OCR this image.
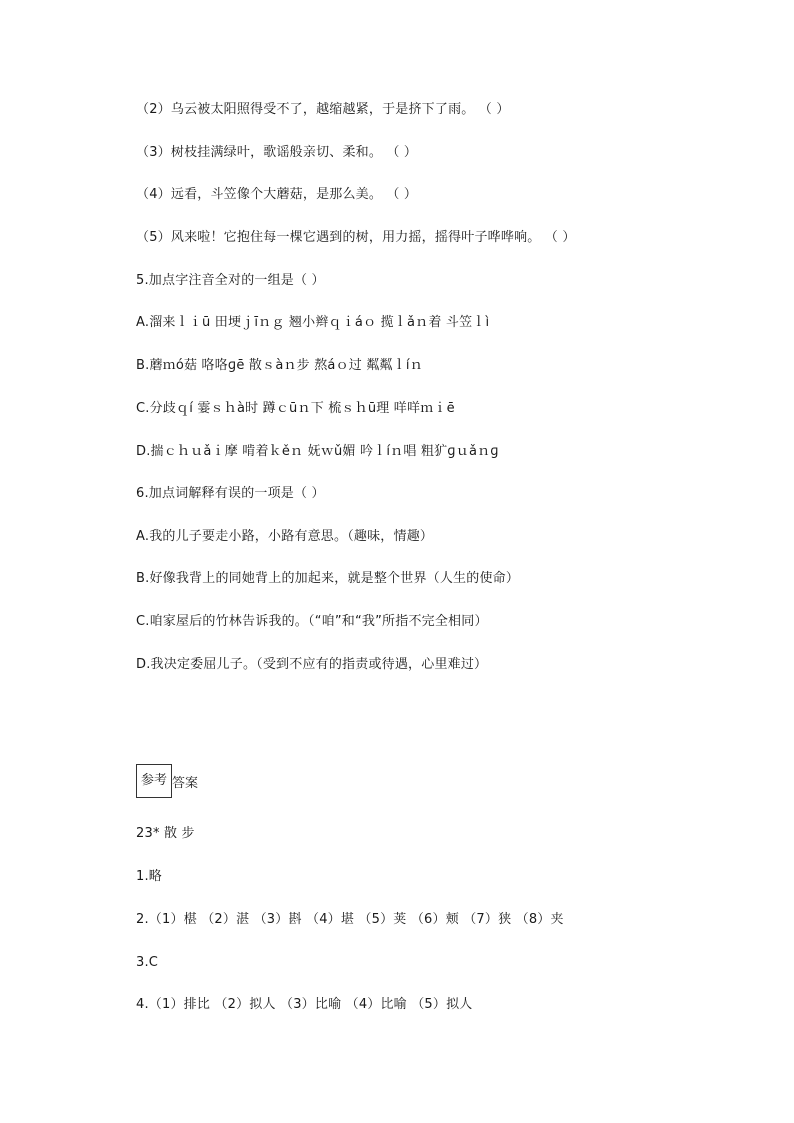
（2）乌云被太阳照得受不了，越缩越紧，于是挤下了雨。 （ ）
（3）树枝挂满绿叶，歌谣般亲切、柔和。 （ ）
（4）远看，斗笠像个大蘑菇，是那么美。 （ ）
（5）风来啦！它抱住每一棵它遇到的树，用力摇，摇得叶子哗哗响。 （ ）
5.加点字注音全对的一组是（ ）
A.溜来ｌｉū 田埂ｊīｎｇ 翘小辫ｑｉáｏ 揽ｌǎｎ着 斗笠ｌì
B.蘑ｍó菇 咯咯ɡē 散ｓàｎ步 熬áｏ过 粼粼ｌíｎ
C.分歧ｑí 霎ｓｈà时 蹲ｃūｎ下 梳ｓｈū理 咩咩ｍｉē
D.揣ｃｈｕǎｉ摩 啃着ｋěｎ 妩ｗǔ媚 吟ｌíｎ唱 粗犷ɡｕǎｎɡ
6.加点词解释有误的一项是（ ）
A.我的儿子要走小路，小路有意思。（趣味，情趣）
B.好像我背上的同她背上的加起来，就是整个世界（人生的使命）
C.咱家屋后的竹林告诉我的。（“咱”和“我”所指不完全相同）
D.我决定委屈儿子。（受到不应有的指责或待遇，心里难过）
参考 答案
23* 散 步
1.略
2.（1）椹 （2）湛 （3）斟 （4）堪 （5）荚 （6）颊 （7）狭 （8）夹
3.C
4.（1）排比 （2）拟人 （3）比喻 （4）比喻 （5）拟人
